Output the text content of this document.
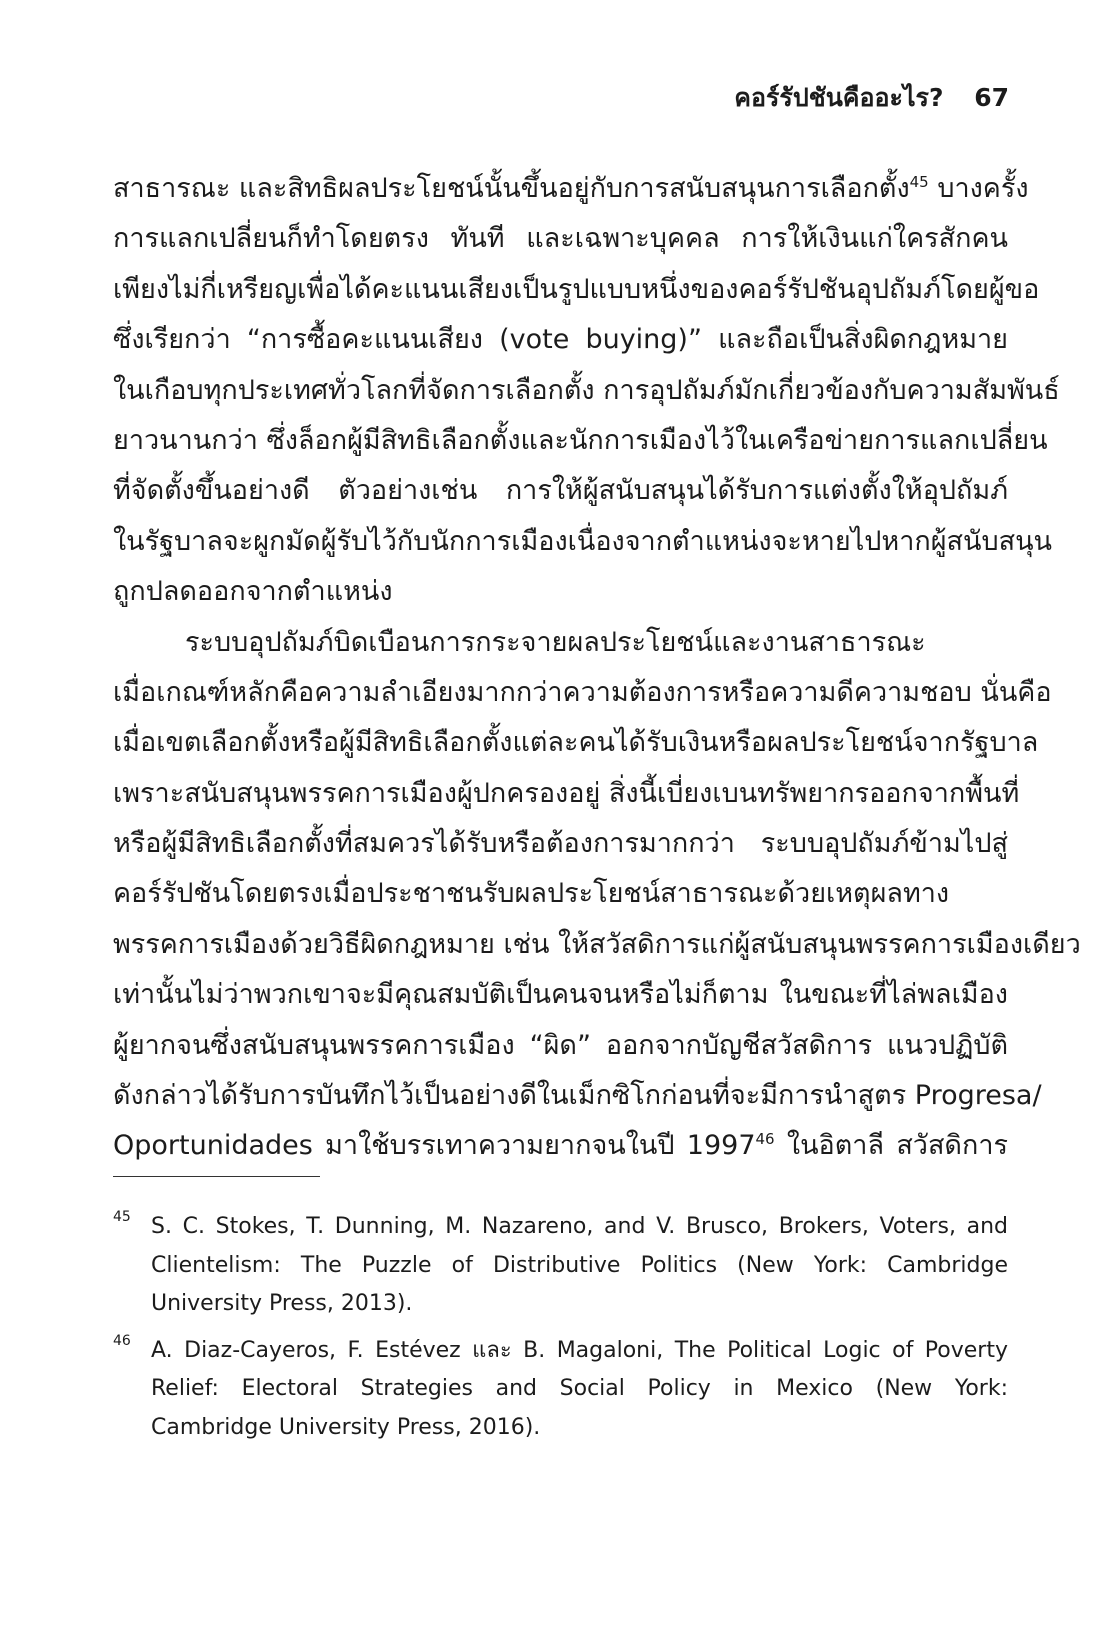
คอร์รัปชันคืออะไร? 67
สาธารณะ และสิทธิผลประโยชน์นั้นขึ้นอยู่กับการสนับสนุนการเลือกตั้ง$^{45}$ บางครั้ง
การแลกเปลี่ยนก็ทำโดยตรง ทันที และเฉพาะบุคคล การให้เงินแก่ใครสักคน
เพียงไม่กี่เหรียญเพื่อได้คะแนนเสียงเป็นรูปแบบหนึ่งของคอร์รัปชันอุปถัมภ์โดยผู้ขอ
ซึ่งเรียกว่า “การซื้อคะแนนเสียง (vote buying)” และถือเป็นสิ่งผิดกฎหมาย
ในเกือบทุกประเทศทั่วโลกที่จัดการเลือกตั้ง การอุปถัมภ์มักเกี่ยวข้องกับความสัมพันธ์
ยาวนานกว่า ซึ่งล็อกผู้มีสิทธิเลือกตั้งและนักการเมืองไว้ในเครือข่ายการแลกเปลี่ยน
ที่จัดตั้งขึ้นอย่างดี ตัวอย่างเช่น การให้ผู้สนับสนุนได้รับการแต่งตั้งให้อุปถัมภ์
ในรัฐบาลจะผูกมัดผู้รับไว้กับนักการเมืองเนื่องจากตำแหน่งจะหายไปหากผู้สนับสนุน
ถูกปลดออกจากตำแหน่ง
ระบบอุปถัมภ์บิดเบือนการกระจายผลประโยชน์และงานสาธารณะ
เมื่อเกณฑ์หลักคือความลำเอียงมากกว่าความต้องการหรือความดีความชอบ นั่นคือ
เมื่อเขตเลือกตั้งหรือผู้มีสิทธิเลือกตั้งแต่ละคนได้รับเงินหรือผลประโยชน์จากรัฐบาล
เพราะสนับสนุนพรรคการเมืองผู้ปกครองอยู่ สิ่งนี้เบี่ยงเบนทรัพยากรออกจากพื้นที่
หรือผู้มีสิทธิเลือกตั้งที่สมควรได้รับหรือต้องการมากกว่า ระบบอุปถัมภ์ข้ามไปสู่
คอร์รัปชันโดยตรงเมื่อประชาชนรับผลประโยชน์สาธารณะด้วยเหตุผลทาง
พรรคการเมืองด้วยวิธีผิดกฎหมาย เช่น ให้สวัสดิการแก่ผู้สนับสนุนพรรคการเมืองเดียว
เท่านั้นไม่ว่าพวกเขาจะมีคุณสมบัติเป็นคนจนหรือไม่ก็ตาม ในขณะที่ไล่พลเมือง
ผู้ยากจนซึ่งสนับสนุนพรรคการเมือง “ผิด” ออกจากบัญชีสวัสดิการ แนวปฏิบัติ
ดังกล่าวได้รับการบันทึกไว้เป็นอย่างดีในเม็กซิโกก่อนที่จะมีการนำสูตร Progresa/
Oportunidades มาใช้บรรเทาความยากจนในปี 1997$^{46}$ ในอิตาลี สวัสดิการ
45 S. C. Stokes, T. Dunning, M. Nazareno, and V. Brusco, Brokers, Voters, and
Clientelism: The Puzzle of Distributive Politics (New York: Cambridge
University Press, 2013).
46 A. Diaz-Cayeros, F. Estévez และ B. Magaloni, The Political Logic of Poverty
Relief: Electoral Strategies and Social Policy in Mexico (New York:
Cambridge University Press, 2016).
